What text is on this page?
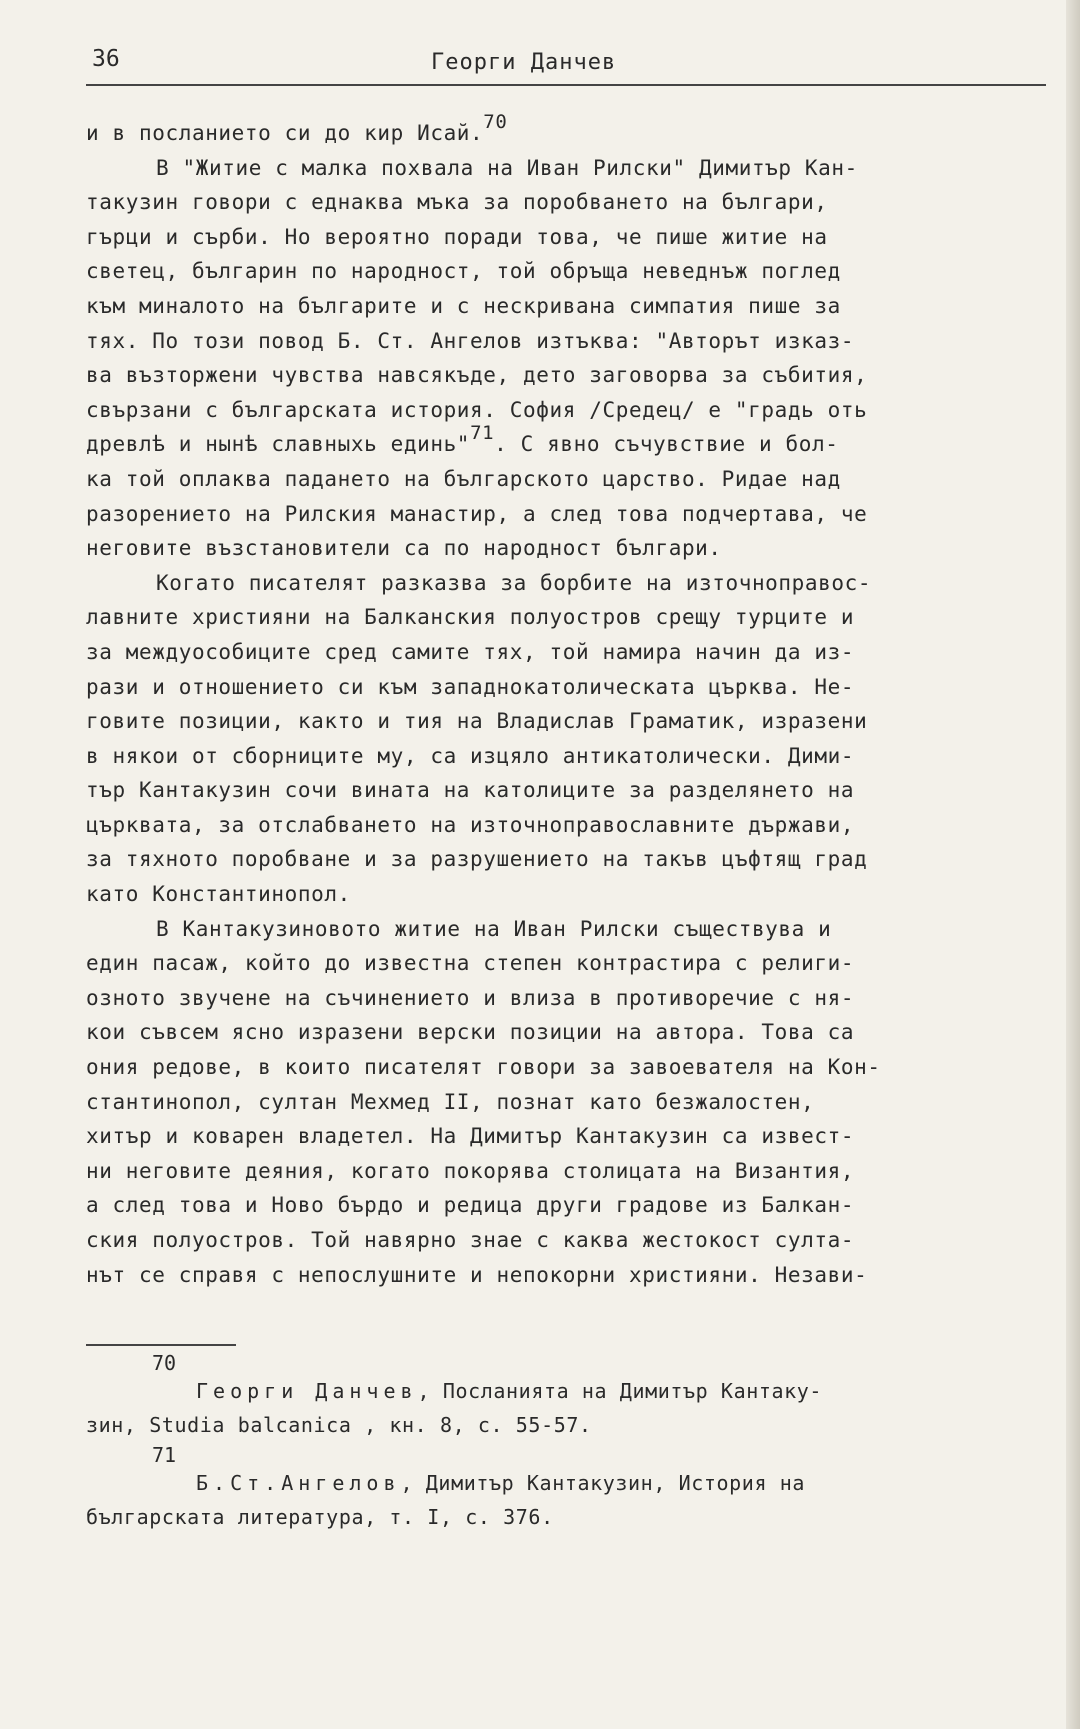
36	Георги Данчев
и в посланието си до кир Исай.$^{70}$
В "Житие с малка похвала на Иван Рилски" Димитър Кан-
такузин говори с еднаква мъка за поробването на българи,
гърци и сърби. Но вероятно поради това, че пише житие на
светец, българин по народност, той обръща неведнъж поглед
към миналото на българите и с нескривана симпатия пише за
тях. По този повод Б. Ст. Ангелов изтъква: "Авторът изказ-
ва възторжени чувства навсякъде, дето заговорва за събития,
свързани с българската история. София /Средец/ е "градь оть
древлѣ и нынѣ славныхь единь"$^{71}$. С явно съчувствие и бол-
ка той оплаква падането на българското царство. Ридае над
разорението на Рилския манастир, а след това подчертава, че
неговите възстановители са по народност българи.
Когато писателят разказва за борбите на източноправос-
лавните християни на Балканския полуостров срещу турците и
за междуособиците сред самите тях, той намира начин да из-
рази и отношението си към западнокатолическата църква. Не-
говите позиции, както и тия на Владислав Граматик, изразени
в някои от сборниците му, са изцяло антикатолически. Дими-
тър Кантакузин сочи вината на католиците за разделянето на
църквата, за отслабването на източноправославните държави,
за тяхното поробване и за разрушението на такъв цъфтящ град
като Константинопол.
В Кантакузиновото житие на Иван Рилски съществува и
един пасаж, който до известна степен контрастира с религи-
озното звучене на съчинението и влиза в противоречие с ня-
кои съвсем ясно изразени верски позиции на автора. Това са
ония редове, в които писателят говори за завоевателя на Кон-
стантинопол, султан Мехмед II, познат като безжалостен,
хитър и коварен владетел. На Димитър Кантакузин са извест-
ни неговите деяния, когато покорява столицата на Византия,
а след това и Ново бърдо и редица други градове из Балкан-
ския полуостров. Той навярно знае с каква жестокост султа-
нът се справя с непослушните и непокорни християни. Незави-
70
Георги Данчев, Посланията на Димитър Кантаку-
зин, Studia balcanica , кн. 8, с. 55-57.
71
Б.Ст.Ангелов, Димитър Кантакузин, История на
българската литература, т. I, с. 376.
